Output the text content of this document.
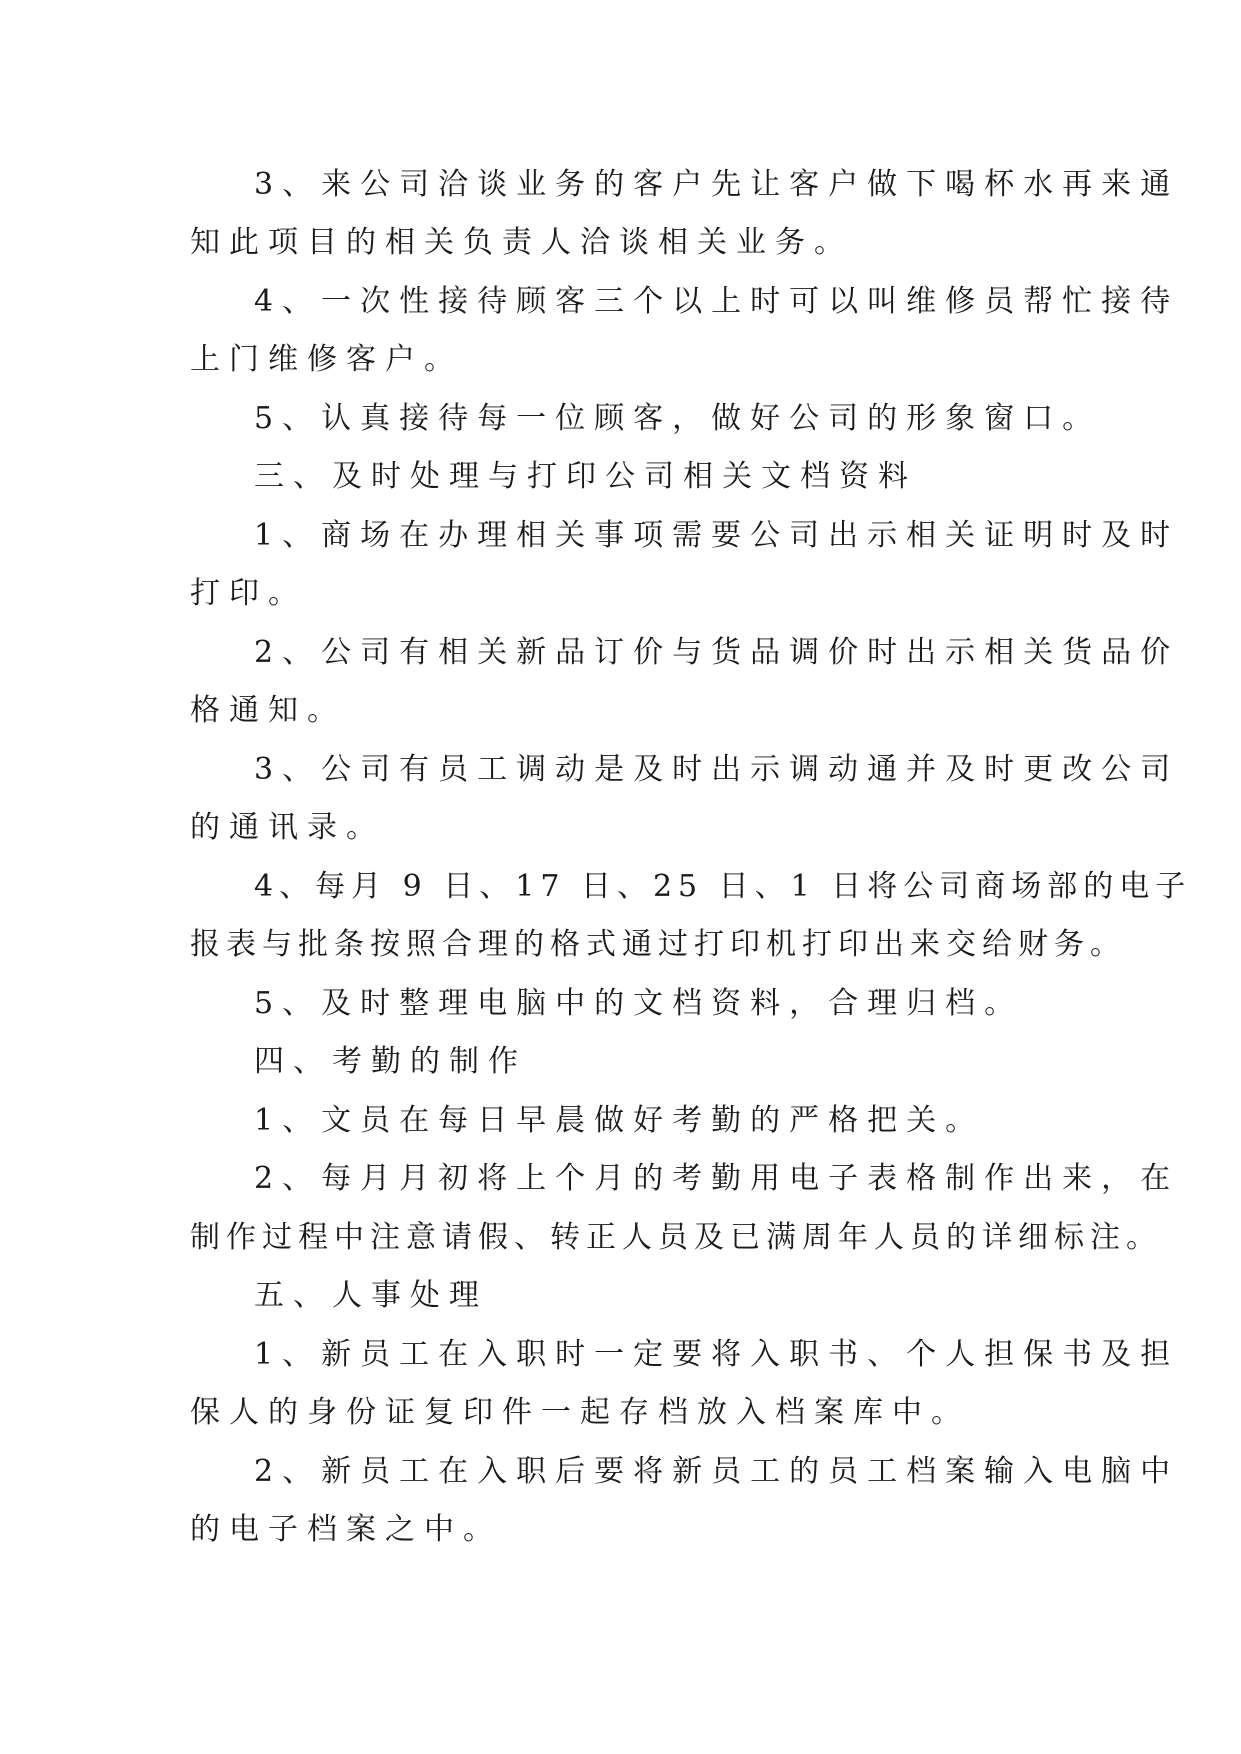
3、来公司洽谈业务的客户先让客户做下喝杯水再来通
知此项目的相关负责人洽谈相关业务。
4、一次性接待顾客三个以上时可以叫维修员帮忙接待
上门维修客户。
5、认真接待每一位顾客，做好公司的形象窗口。
三、及时处理与打印公司相关文档资料
1、商场在办理相关事项需要公司出示相关证明时及时
打印。
2、公司有相关新品订价与货品调价时出示相关货品价
格通知。
3、公司有员工调动是及时出示调动通并及时更改公司
的通讯录。
4、每月 9 日、17 日、25 日、1 日将公司商场部的电子
报表与批条按照合理的格式通过打印机打印出来交给财务。
5、及时整理电脑中的文档资料，合理归档。
四、考勤的制作
1、文员在每日早晨做好考勤的严格把关。
2、每月月初将上个月的考勤用电子表格制作出来，在
制作过程中注意请假、转正人员及已满周年人员的详细标注。
五、人事处理
1、新员工在入职时一定要将入职书、个人担保书及担
保人的身份证复印件一起存档放入档案库中。
2、新员工在入职后要将新员工的员工档案输入电脑中
的电子档案之中。
